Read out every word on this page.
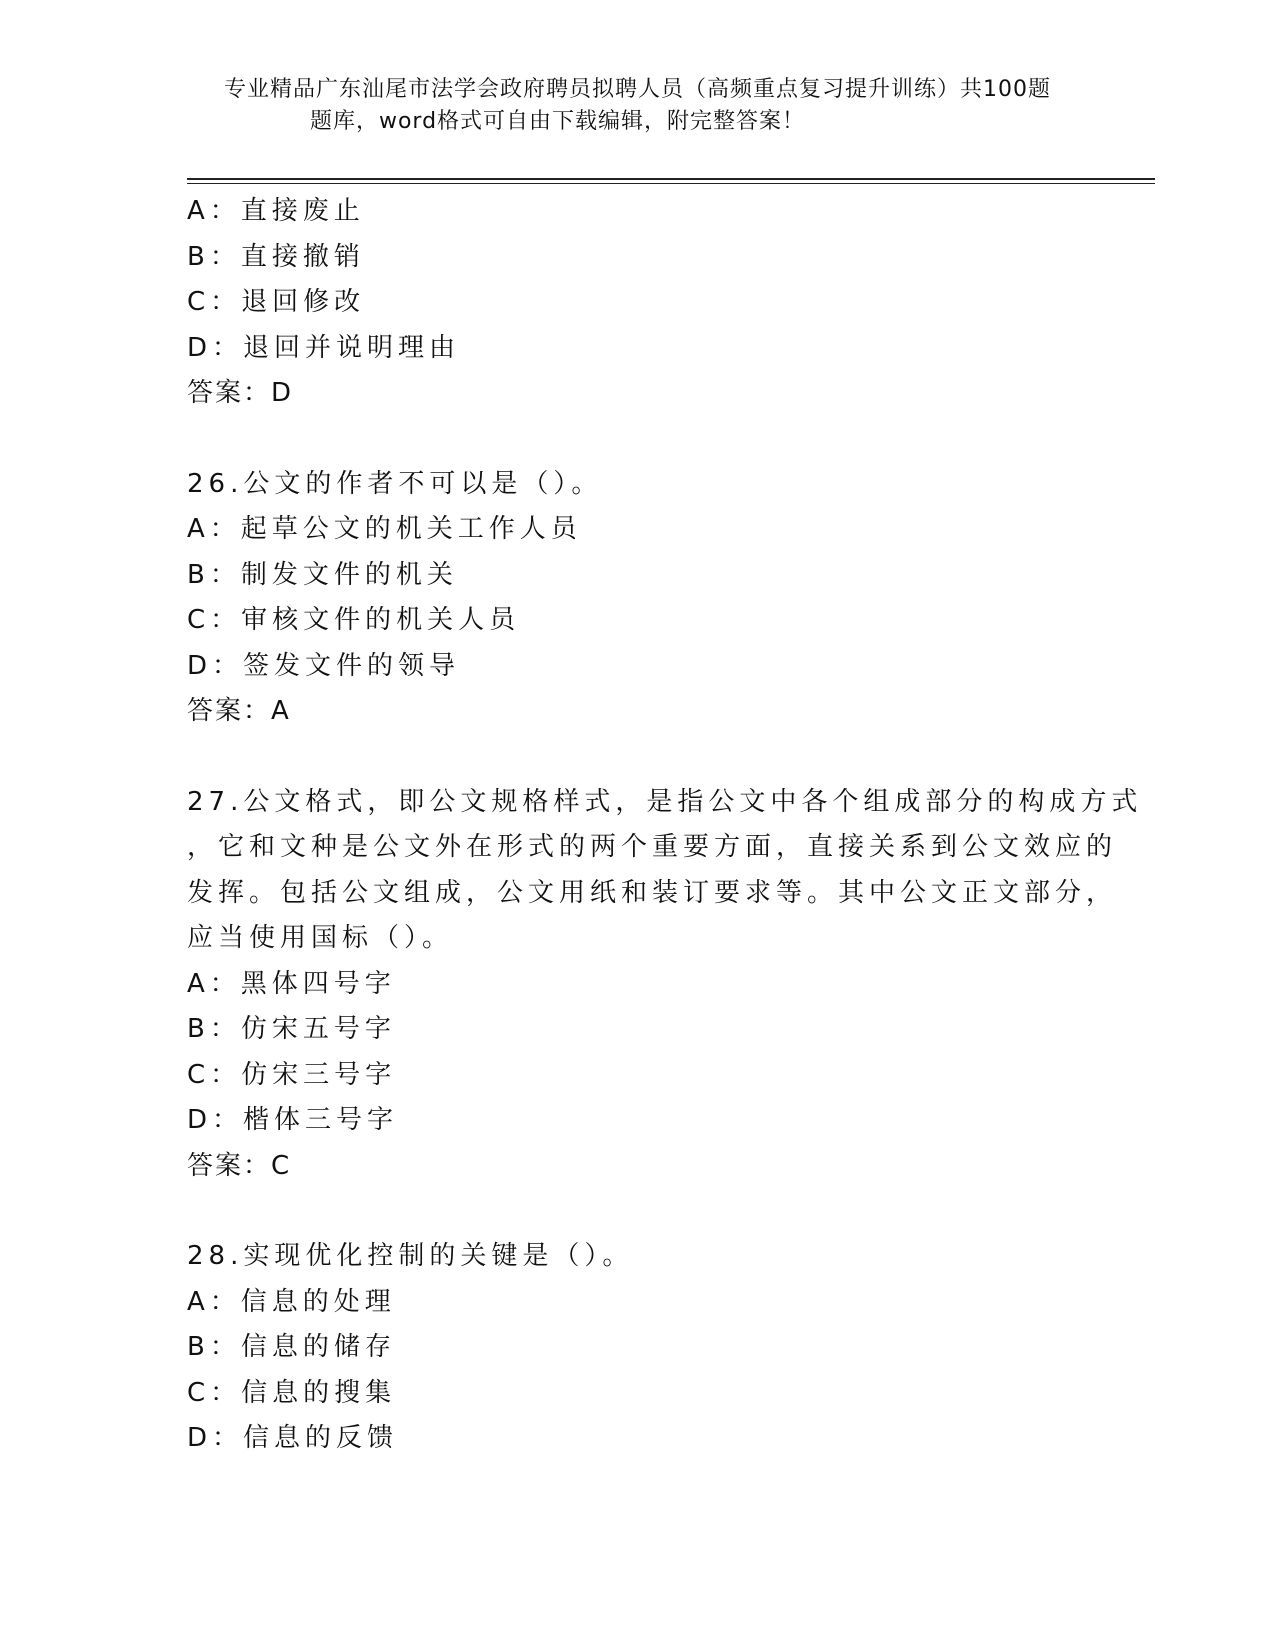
专业精品广东汕尾市法学会政府聘员拟聘人员（高频重点复习提升训练）共100题
题库，word格式可自由下载编辑，附完整答案！
A：直接废止
B：直接撤销
C：退回修改
D：退回并说明理由
答案：D
26.公文的作者不可以是（）。
A：起草公文的机关工作人员
B：制发文件的机关
C：审核文件的机关人员
D：签发文件的领导
答案：A
27.公文格式，即公文规格样式，是指公文中各个组成部分的构成方式
，它和文种是公文外在形式的两个重要方面，直接关系到公文效应的
发挥。包括公文组成，公文用纸和装订要求等。其中公文正文部分，
应当使用国标（）。
A：黑体四号字
B：仿宋五号字
C：仿宋三号字
D：楷体三号字
答案：C
28.实现优化控制的关键是（）。
A：信息的处理
B：信息的储存
C：信息的搜集
D：信息的反馈
